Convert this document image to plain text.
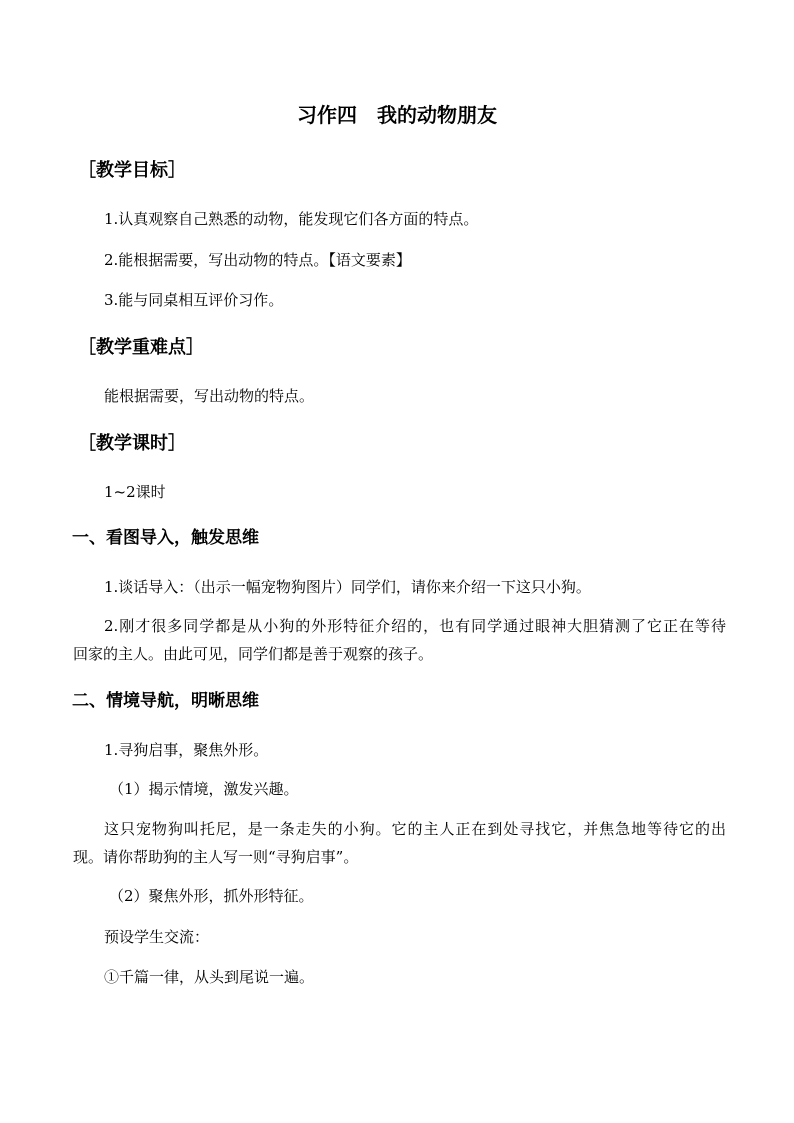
习作四　我的动物朋友

［教学目标］

1.认真观察自己熟悉的动物，能发现它们各方面的特点。

2.能根据需要，写出动物的特点。【语文要素】

3.能与同桌相互评价习作。

［教学重难点］

能根据需要，写出动物的特点。

［教学课时］

1~2课时

一、看图导入，触发思维

1.谈话导入：（出示一幅宠物狗图片）同学们，请你来介绍一下这只小狗。

2.刚才很多同学都是从小狗的外形特征介绍的，也有同学通过眼神大胆猜测了它正在等待

回家的主人。由此可见，同学们都是善于观察的孩子。

二、情境导航，明晰思维

1.寻狗启事，聚焦外形。

（1）揭示情境，激发兴趣。

这只宠物狗叫托尼，是一条走失的小狗。它的主人正在到处寻找它，并焦急地等待它的出

现。请你帮助狗的主人写一则“寻狗启事”。

（2）聚焦外形，抓外形特征。

预设学生交流：

①千篇一律，从头到尾说一遍。
